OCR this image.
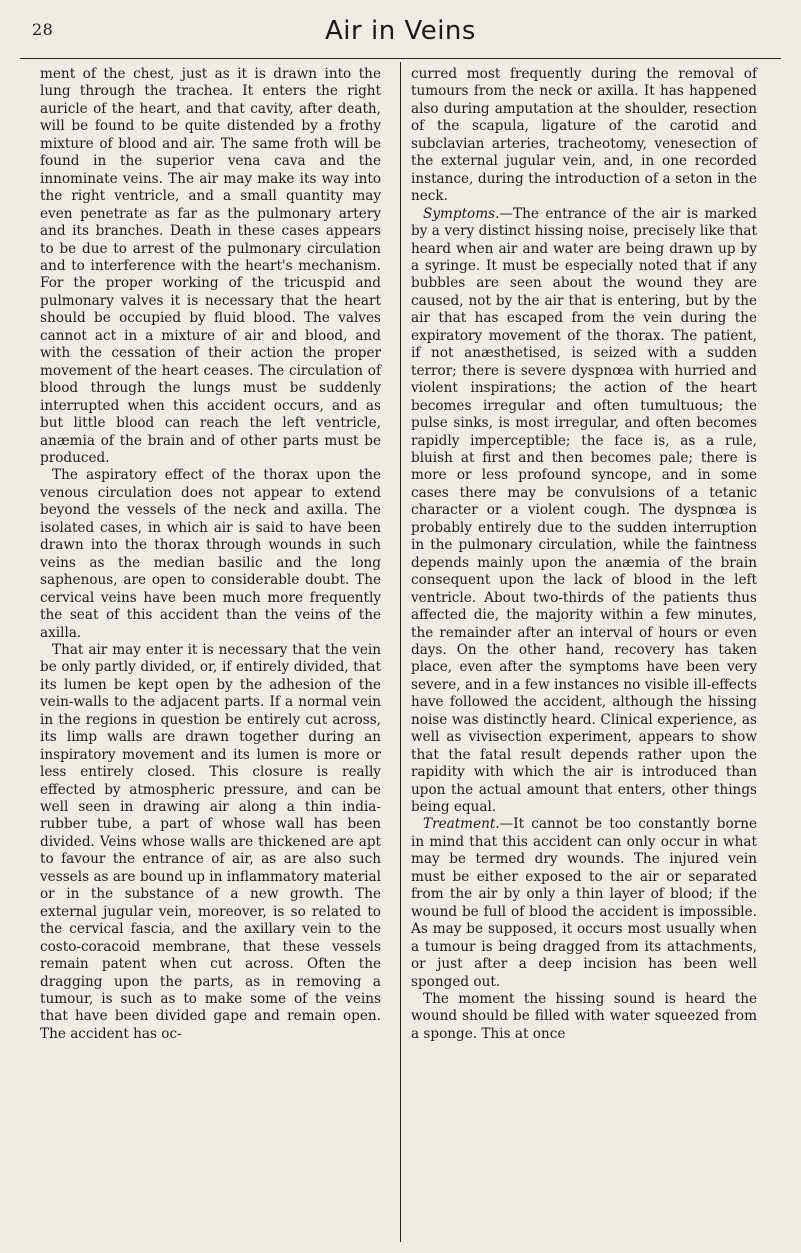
28	Air in Veins

ment of the chest, just as it is drawn into the lung through the trachea. It enters the right auricle of the heart, and that cavity, after death, will be found to be quite distended by a frothy mixture of blood and air. The same froth will be found in the superior vena cava and the innominate veins. The air may make its way into the right ventricle, and a small quantity may even penetrate as far as the pulmonary artery and its branches. Death in these cases appears to be due to arrest of the pulmonary circulation and to interference with the heart's mechanism. For the proper working of the tricuspid and pulmonary valves it is necessary that the heart should be occupied by fluid blood. The valves cannot act in a mixture of air and blood, and with the cessation of their action the proper movement of the heart ceases. The circulation of blood through the lungs must be suddenly interrupted when this accident occurs, and as but little blood can reach the left ventricle, anæmia of the brain and of other parts must be produced.

The aspiratory effect of the thorax upon the venous circulation does not appear to extend beyond the vessels of the neck and axilla. The isolated cases, in which air is said to have been drawn into the thorax through wounds in such veins as the median basilic and the long saphenous, are open to considerable doubt. The cervical veins have been much more frequently the seat of this accident than the veins of the axilla.

That air may enter it is necessary that the vein be only partly divided, or, if entirely divided, that its lumen be kept open by the adhesion of the vein-walls to the adjacent parts. If a normal vein in the regions in question be entirely cut across, its limp walls are drawn together during an inspiratory movement and its lumen is more or less entirely closed. This closure is really effected by atmospheric pressure, and can be well seen in drawing air along a thin india-rubber tube, a part of whose wall has been divided. Veins whose walls are thickened are apt to favour the entrance of air, as are also such vessels as are bound up in inflammatory material or in the substance of a new growth. The external jugular vein, moreover, is so related to the cervical fascia, and the axillary vein to the costo-coracoid membrane, that these vessels remain patent when cut across. Often the dragging upon the parts, as in removing a tumour, is such as to make some of the veins that have been divided gape and remain open. The accident has oc-

curred most frequently during the removal of tumours from the neck or axilla. It has happened also during amputation at the shoulder, resection of the scapula, ligature of the carotid and subclavian arteries, tracheotomy, venesection of the external jugular vein, and, in one recorded instance, during the introduction of a seton in the neck.

Symptoms.—The entrance of the air is marked by a very distinct hissing noise, precisely like that heard when air and water are being drawn up by a syringe. It must be especially noted that if any bubbles are seen about the wound they are caused, not by the air that is entering, but by the air that has escaped from the vein during the expiratory movement of the thorax. The patient, if not anæsthetised, is seized with a sudden terror; there is severe dyspnœa with hurried and violent inspirations; the action of the heart becomes irregular and often tumultuous; the pulse sinks, is most irregular, and often becomes rapidly imperceptible; the face is, as a rule, bluish at first and then becomes pale; there is more or less profound syncope, and in some cases there may be convulsions of a tetanic character or a violent cough. The dyspnœa is probably entirely due to the sudden interruption in the pulmonary circulation, while the faintness depends mainly upon the anæmia of the brain consequent upon the lack of blood in the left ventricle. About two-thirds of the patients thus affected die, the majority within a few minutes, the remainder after an interval of hours or even days. On the other hand, recovery has taken place, even after the symptoms have been very severe, and in a few instances no visible ill-effects have followed the accident, although the hissing noise was distinctly heard. Clinical experience, as well as vivisection experiment, appears to show that the fatal result depends rather upon the rapidity with which the air is introduced than upon the actual amount that enters, other things being equal.

Treatment.—It cannot be too constantly borne in mind that this accident can only occur in what may be termed dry wounds. The injured vein must be either exposed to the air or separated from the air by only a thin layer of blood; if the wound be full of blood the accident is impossible. As may be supposed, it occurs most usually when a tumour is being dragged from its attachments, or just after a deep incision has been well sponged out.

The moment the hissing sound is heard the wound should be filled with water squeezed from a sponge. This at once
